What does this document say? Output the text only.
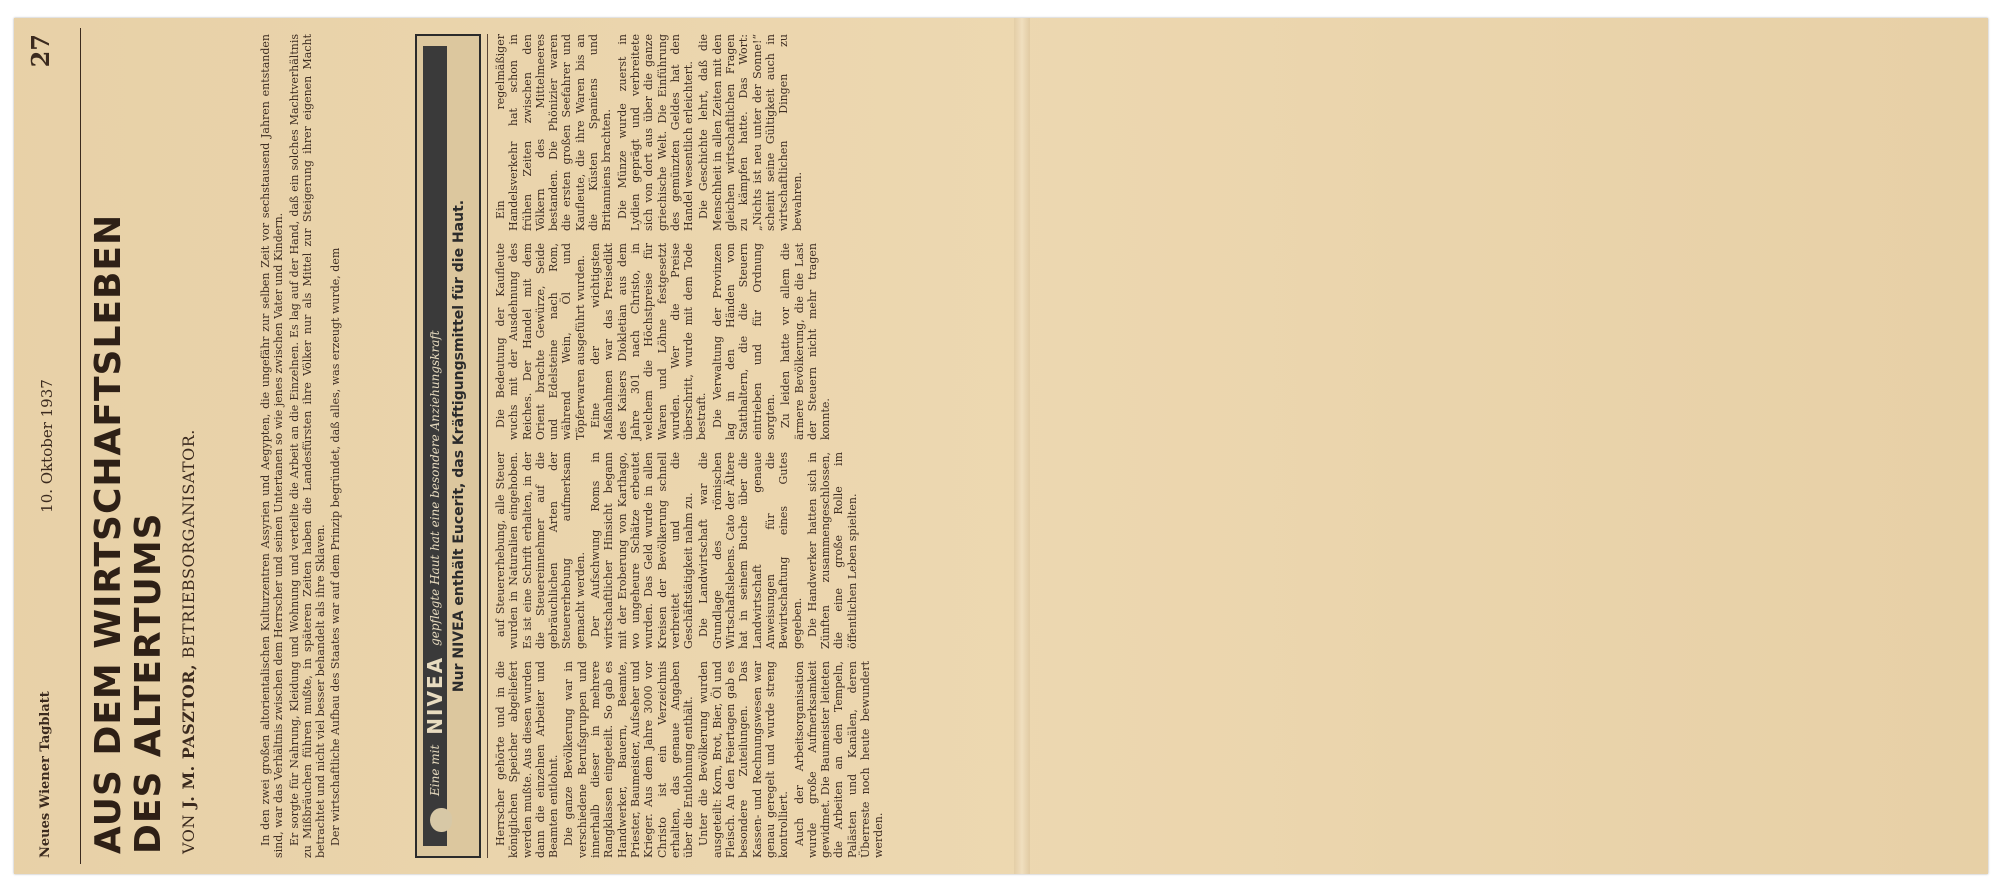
Neues Wiener Tagblatt
10. Oktober 1937
27
AUS DEM WIRTSCHAFTSLEBEN
DES ALTERTUMS VON J. M. PASZTOR, BETRIEBSORGANISATOR.	In den zwei großen altorientalischen Kulturzentren Assyrien und Aegypten, die ungefähr zur selben Zeit vor sechstausend Jahren entstanden sind, war das Verhältnis zwischen dem Herrscher und seinen Untertanen so wie jenes zwischen Vater und Kindern. Er sorgte für Nahrung, Kleidung und Wohnung und verteilte die Arbeit an die Einzelnen. Es lag auf der Hand, daß ein solches Machtverhältnis zu Mißbräuchen führen mußte, in späteren Zeiten haben die Landesfürsten ihre Völker nur als Mittel zur Steigerung ihrer eigenen Macht betrachtet und nicht viel besser behandelt als ihre Sklaven. Der wirtschaftliche Aufbau des Staates war auf dem Prinzip begründet, daß alles, was erzeugt wurde, dem	Eine mit
NIVEA
gepflegte Haut hat eine besondere Anziehungskraft Nur NIVEA enthält Eucerit, das Kräftigungsmittel für die Haut.

Herrscher gehörte und in die königlichen Speicher abgeliefert werden mußte. Aus diesen wurden dann die einzelnen Arbeiter und Beamten entlohnt. Die ganze Bevölkerung war in verschiedene Berufsgruppen und innerhalb dieser in mehrere Rangklassen eingeteilt. So gab es Handwerker, Bauern, Beamte, Priester, Baumeister, Aufseher und Krieger. Aus dem Jahre 3000 vor Christo ist ein Verzeichnis erhalten, das genaue Angaben über die Entlohnung enthält. Unter die Bevölkerung wurden ausgeteilt: Korn, Brot, Bier, Öl und Fleisch. An den Feiertagen gab es besondere Zuteilungen. Das Kassen- und Rechnungswesen war genau geregelt und wurde streng kontrolliert. Auch der Arbeitsorganisation wurde große Aufmerksamkeit gewidmet. Die Baumeister leiteten die Arbeiten an den Tempeln, Palästen und Kanälen, deren Überreste noch heute bewundert werden.

auf Steuererhebung, alle Steuer wurden in Naturalien eingehoben. Es ist eine Schrift erhalten, in der die Steuereinnehmer auf die gebräuchlichen Arten der Steuererhebung aufmerksam gemacht werden. Der Aufschwung Roms in wirtschaftlicher Hinsicht begann mit der Eroberung von Karthago, wo ungeheure Schätze erbeutet wurden. Das Geld wurde in allen Kreisen der Bevölkerung schnell verbreitet und die Geschäftstätigkeit nahm zu. Die Landwirtschaft war die Grundlage des römischen Wirtschaftslebens. Cato der Ältere hat in seinem Buche über die Landwirtschaft genaue Anweisungen für die Bewirtschaftung eines Gutes gegeben. Die Handwerker hatten sich in Zünften zusammengeschlossen, die eine große Rolle im öffentlichen Leben spielten.

Die Bedeutung der Kaufleute wuchs mit der Ausdehnung des Reiches. Der Handel mit dem Orient brachte Gewürze, Seide und Edelsteine nach Rom, während Wein, Öl und Töpferwaren ausgeführt wurden. Eine der wichtigsten Maßnahmen war das Preisedikt des Kaisers Diokletian aus dem Jahre 301 nach Christo, in welchem die Höchstpreise für Waren und Löhne festgesetzt wurden. Wer die Preise überschritt, wurde mit dem Tode bestraft. Die Verwaltung der Provinzen lag in den Händen von Statthaltern, die die Steuern eintrieben und für Ordnung sorgten. Zu leiden hatte vor allem die ärmere Bevölkerung, die die Last der Steuern nicht mehr tragen konnte.

Ein regelmäßiger Handelsverkehr hat schon in frühen Zeiten zwischen den Völkern des Mittelmeeres bestanden. Die Phönizier waren die ersten großen Seefahrer und Kaufleute, die ihre Waren bis an die Küsten Spaniens und Britanniens brachten. Die Münze wurde zuerst in Lydien geprägt und verbreitete sich von dort aus über die ganze griechische Welt. Die Einführung des gemünzten Geldes hat den Handel wesentlich erleichtert. Die Geschichte lehrt, daß die Menschheit in allen Zeiten mit den gleichen wirtschaftlichen Fragen zu kämpfen hatte. Das Wort: „Nichts ist neu unter der Sonne!“ scheint seine Gültigkeit auch in wirtschaftlichen Dingen zu bewahren.
